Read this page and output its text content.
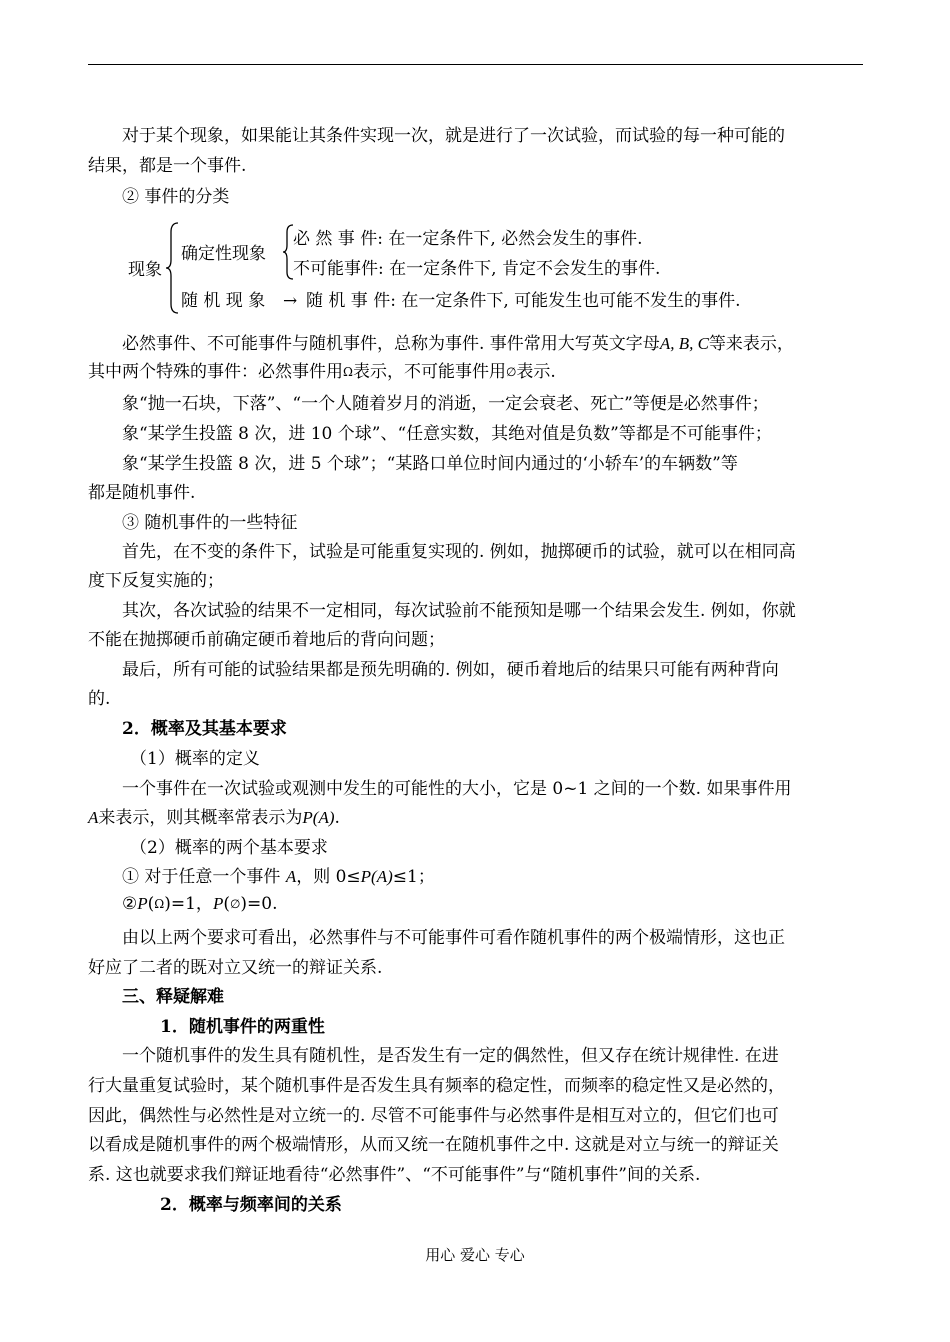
对于某个现象，如果能让其条件实现一次，就是进行了一次试验，而试验的每一种可能的
结果，都是一个事件.
② 事件的分类
现象
确定性现象
必 然 事 件: 在一定条件下, 必然会发生的事件.
不可能事件: 在一定条件下, 肯定不会发生的事件.
随 机 现 象 → 随 机 事 件: 在一定条件下, 可能发生也可能不发生的事件.
必然事件、不可能事件与随机事件，总称为事件. 事件常用大写英文字母A, B, C等来表示，
其中两个特殊的事件：必然事件用Ω表示，不可能事件用∅表示.
象“抛一石块，下落”、“一个人随着岁月的消逝，一定会衰老、死亡”等便是必然事件；
象“某学生投篮 8 次，进 10 个球”、“任意实数，其绝对值是负数”等都是不可能事件；
象“某学生投篮 8 次，进 5 个球”；“某路口单位时间内通过的‘小轿车’的车辆数”等
都是随机事件.
③ 随机事件的一些特征
首先，在不变的条件下，试验是可能重复实现的. 例如，抛掷硬币的试验，就可以在相同高
度下反复实施的；
其次，各次试验的结果不一定相同，每次试验前不能预知是哪一个结果会发生. 例如，你就
不能在抛掷硬币前确定硬币着地后的背向问题；
最后，所有可能的试验结果都是预先明确的. 例如，硬币着地后的结果只可能有两种背向
的.
2．概率及其基本要求
（1）概率的定义
一个事件在一次试验或观测中发生的可能性的大小，它是 0~1 之间的一个数. 如果事件用
A来表示，则其概率常表示为P(A).
（2）概率的两个基本要求
① 对于任意一个事件 A，则 0≤P(A)≤1；
②P(Ω)=1，P(∅)=0.
由以上两个要求可看出，必然事件与不可能事件可看作随机事件的两个极端情形，这也正
好应了二者的既对立又统一的辩证关系.
三、释疑解难
1．随机事件的两重性
一个随机事件的发生具有随机性，是否发生有一定的偶然性，但又存在统计规律性. 在进
行大量重复试验时，某个随机事件是否发生具有频率的稳定性，而频率的稳定性又是必然的，
因此，偶然性与必然性是对立统一的. 尽管不可能事件与必然事件是相互对立的，但它们也可
以看成是随机事件的两个极端情形，从而又统一在随机事件之中. 这就是对立与统一的辩证关
系. 这也就要求我们辩证地看待“必然事件”、“不可能事件”与“随机事件”间的关系.
2．概率与频率间的关系
用心 爱心 专心
